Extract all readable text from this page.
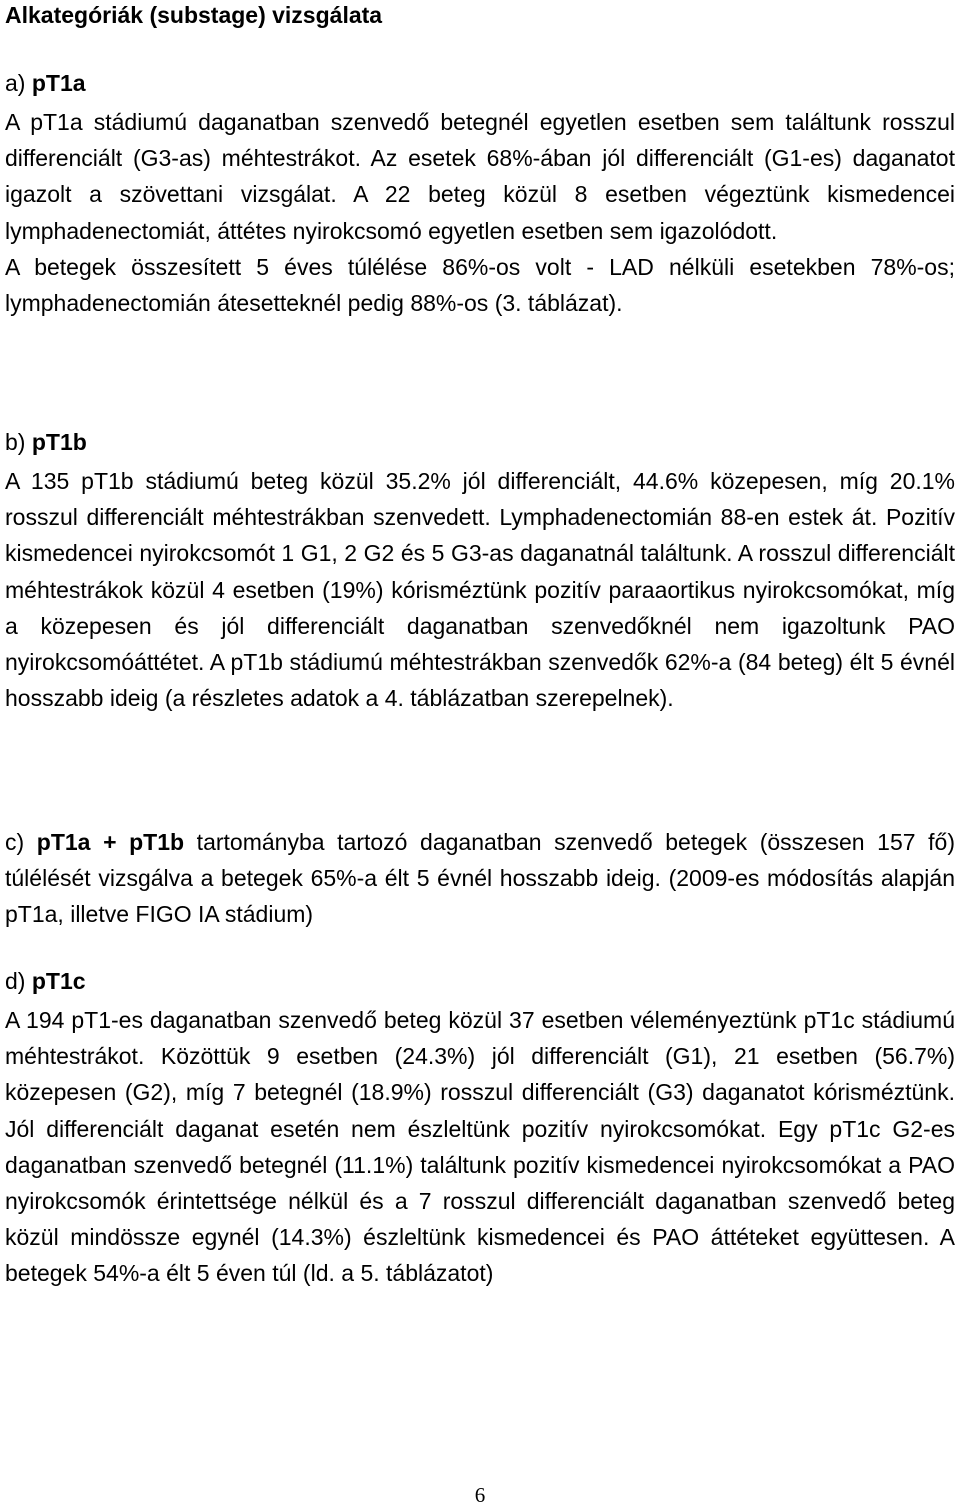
Alkategóriák (substage) vizsgálata

a) pT1a

A pT1a stádiumú daganatban szenvedő betegnél egyetlen esetben sem találtunk rosszul differenciált (G3-as) méhtestrákot. Az esetek 68%-ában jól differenciált (G1-es) daganatot igazolt a szövettani vizsgálat. A 22 beteg közül 8 esetben végeztünk kismedencei lymphadenectomiát, áttétes nyirokcsomó egyetlen esetben sem igazolódott.

A betegek összesített 5 éves túlélése 86%-os volt - LAD nélküli esetekben 78%-os; lymphadenectomián átesetteknél pedig 88%-os (3. táblázat).

b) pT1b

A 135 pT1b stádiumú beteg közül 35.2% jól differenciált, 44.6% közepesen, míg 20.1% rosszul differenciált méhtestrákban szenvedett. Lymphadenectomián 88-en estek át. Pozitív kismedencei nyirokcsomót 1 G1, 2 G2 és 5 G3-as daganatnál találtunk. A rosszul differenciált méhtestrákok közül 4 esetben (19%) kórisméztünk pozitív paraaortikus nyirokcsomókat, míg a közepesen és jól differenciált daganatban szenvedőknél nem igazoltunk PAO nyirokcsomóáttétet. A pT1b stádiumú méhtestrákban szenvedők 62%-a (84 beteg) élt 5 évnél hosszabb ideig (a részletes adatok a 4. táblázatban szerepelnek).

c) pT1a + pT1b tartományba tartozó daganatban szenvedő betegek (összesen 157 fő) túlélését vizsgálva a betegek 65%-a élt 5 évnél hosszabb ideig. (2009-es módosítás alapján pT1a, illetve FIGO IA stádium)

d) pT1c

A 194 pT1-es daganatban szenvedő beteg közül 37 esetben véleményeztünk pT1c stádiumú méhtestrákot. Közöttük 9 esetben (24.3%) jól differenciált (G1), 21 esetben (56.7%) közepesen (G2), míg 7 betegnél (18.9%) rosszul differenciált (G3) daganatot kórisméztünk. Jól differenciált daganat esetén nem észleltünk pozitív nyirokcsomókat. Egy pT1c G2-es daganatban szenvedő betegnél (11.1%) találtunk pozitív kismedencei nyirokcsomókat a PAO nyirokcsomók érintettsége nélkül és a 7 rosszul differenciált daganatban szenvedő beteg közül mindössze egynél (14.3%) észleltünk kismedencei és PAO áttéteket együttesen. A betegek 54%-a élt 5 éven túl (ld. a 5. táblázatot)

6
